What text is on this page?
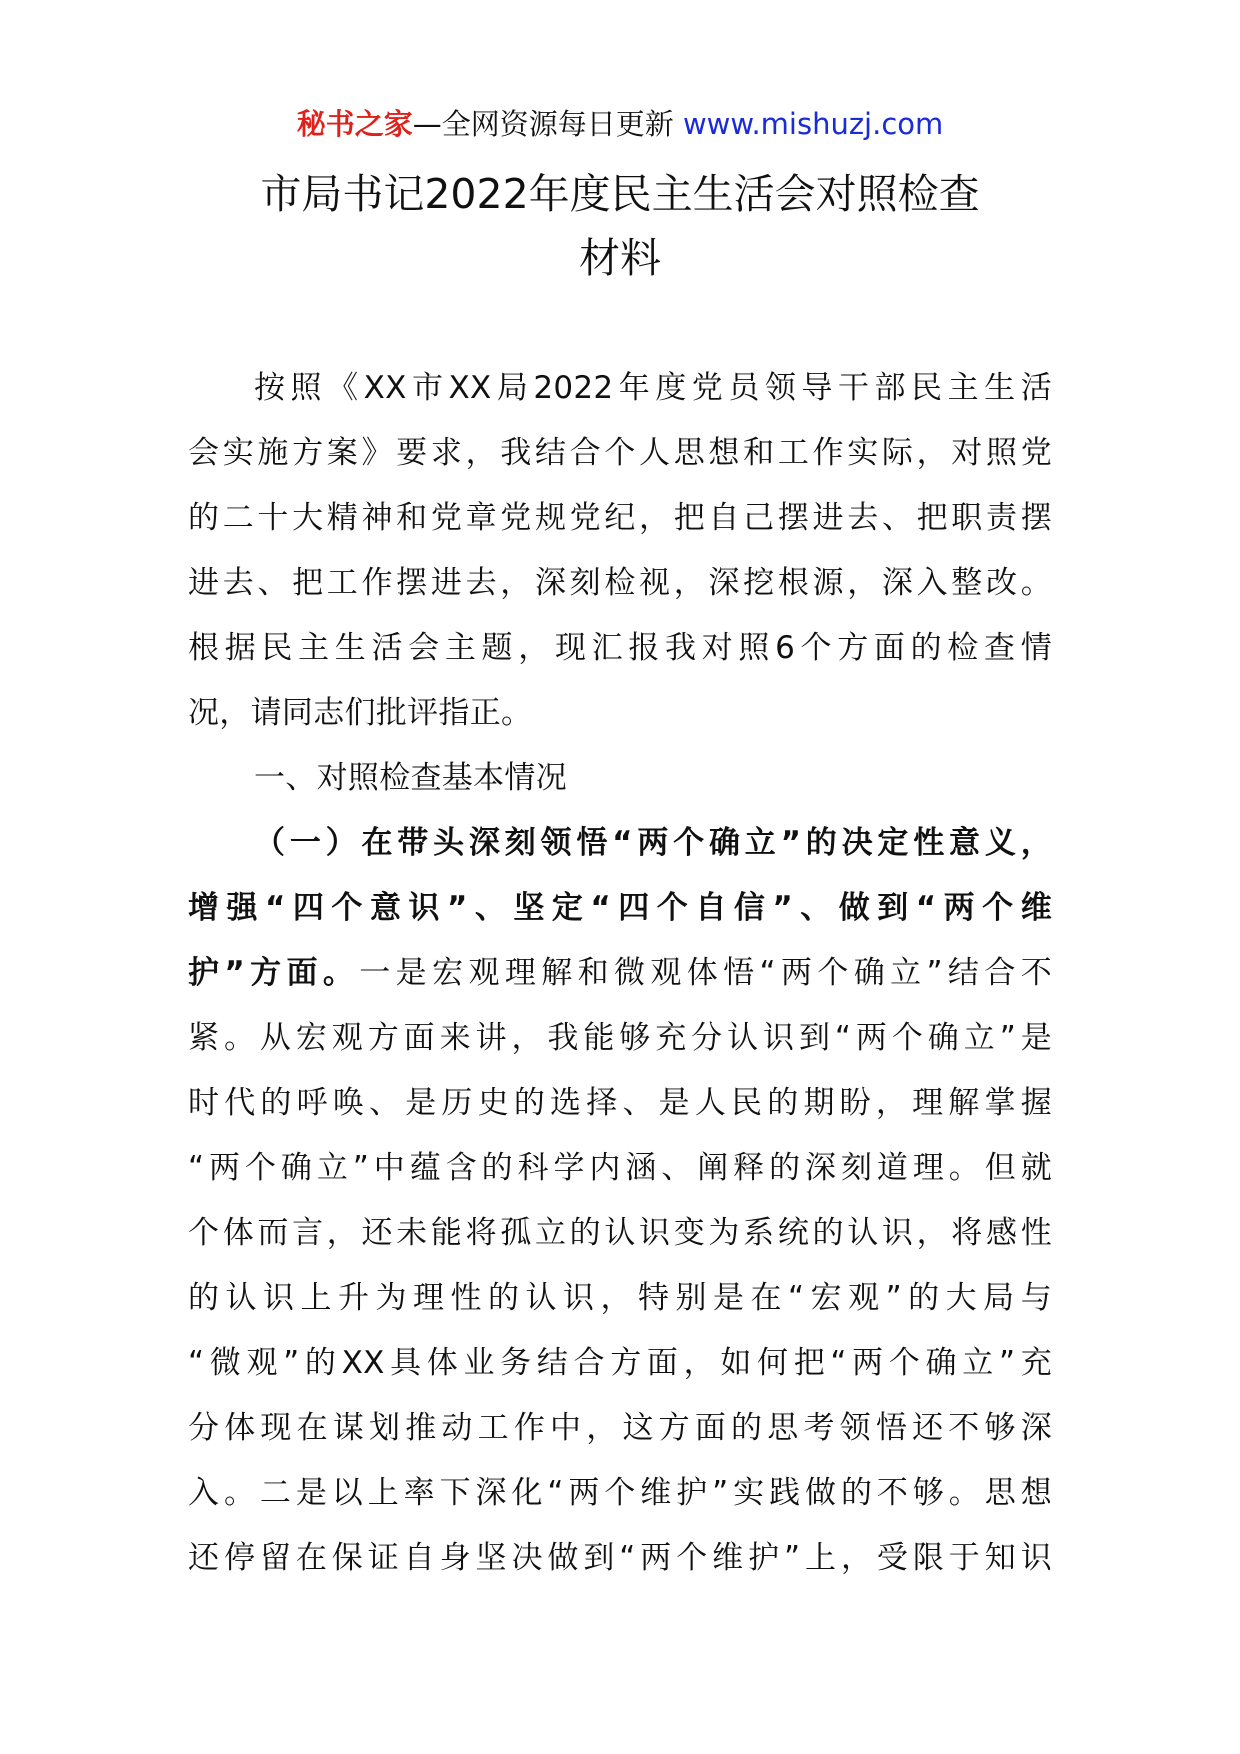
秘书之家—全网资源每日更新 www.mishuzj.com
市局书记2022年度民主生活会对照检查
材料
按照《XX市XX局2022年度党员领导干部民主生活
会实施方案》要求，我结合个人思想和工作实际，对照党
的二十大精神和党章党规党纪，把自己摆进去、把职责摆
进去、把工作摆进去，深刻检视，深挖根源，深入整改。
根据民主生活会主题，现汇报我对照6个方面的检查情
况，请同志们批评指正。
一、对照检查基本情况
（一）在带头深刻领悟“两个确立”的决定性意义，
增强“四个意识”、坚定“四个自信”、做到“两个维
护”方面。一是宏观理解和微观体悟“两个确立”结合不
紧。从宏观方面来讲，我能够充分认识到“两个确立”是
时代的呼唤、是历史的选择、是人民的期盼，理解掌握
“两个确立”中蕴含的科学内涵、阐释的深刻道理。但就
个体而言，还未能将孤立的认识变为系统的认识，将感性
的认识上升为理性的认识，特别是在“宏观”的大局与
“微观”的XX具体业务结合方面，如何把“两个确立”充
分体现在谋划推动工作中，这方面的思考领悟还不够深
入。二是以上率下深化“两个维护”实践做的不够。思想
还停留在保证自身坚决做到“两个维护”上，受限于知识
